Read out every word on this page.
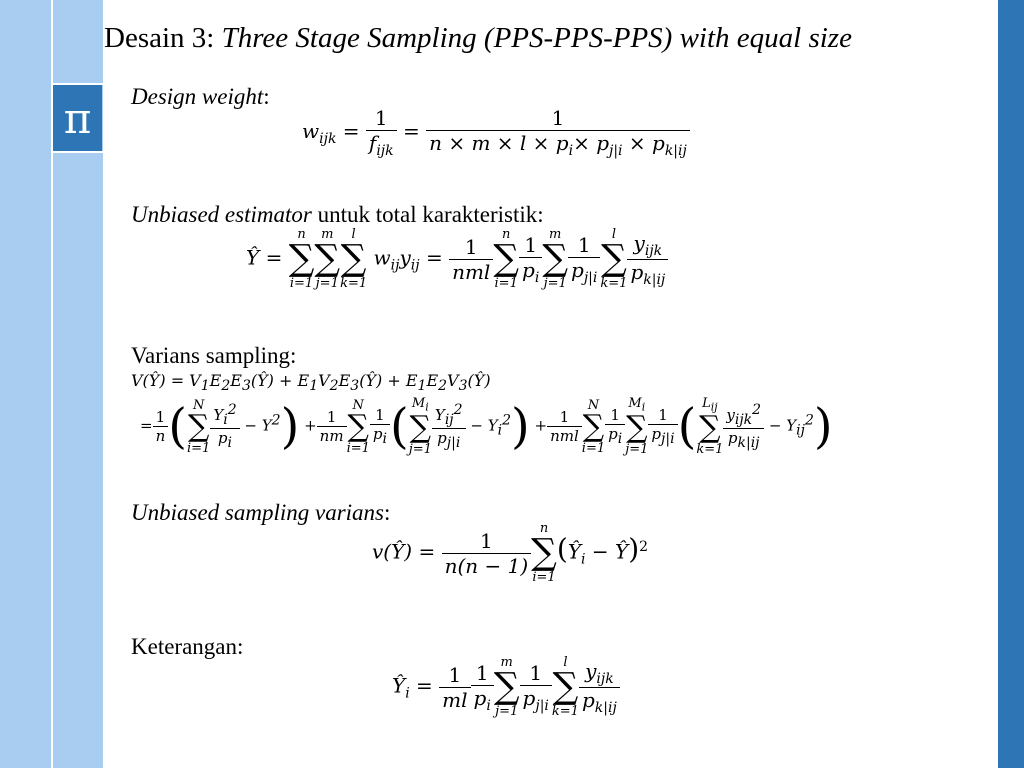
π
Desain 3: Three Stage Sampling (PPS-PPS-PPS) with equal size
Design weight:
$w_{ijk} = \frac{1}{f_{ijk}} = \frac{1}{n \times m \times l \times p_i\times p_{j|i} \times p_{k|ij}}$
Unbiased estimator untuk total karakteristik:
Ŷ =
n
∑
i=1
m
∑
j=1
l
∑
k=1
$w_{ij}y_{ij} = \frac{1}{\text{nml}}$ n
∑
$i=1 \frac{1}{p_i}$ m
∑
$j=1 \frac{1}{p_{j|i}}$ l
∑
$k=1 \frac{y_{ijk}}{p_{k|ij}}$
Varians sampling:
V(Ŷ) = $V_1E_2E_3(Ŷ)$ + $E_1V_2E_3(Ŷ)$ + $E_1E_2V_3(Ŷ)$
= $\frac{1}{n}$ ( N
∑
$i=1 \frac{Y_i^2}{p_i} - Y^2) + \frac{1}{nm}$
N
∑
i=1
$\frac{1}{p_i}$ ( $M_i$
∑
$j=1 \frac{Y_{ij}^2}{p_{j|i}} - Y_i^2) + \frac{1}{\text{nml}}$
N
∑
i=1
$\frac{1}{p_i}$
$M_i$
∑
j=1
$\frac{1}{p_{j|i}}$ ( $L_{ij}$
∑
$k=1 \frac{y_{ijk}^2}{p_{k|ij}} - Y_{ij}^2$)
Unbiased sampling varians:
v(Ŷ) = $\frac{1}{n(n - 1)}$ n
∑
i=1
($Ŷ_i$ − Ŷ)$^2$
Keterangan:
$Ŷ_i = \frac{1}{ml} \frac{1}{p_i}$ m
∑
$j=1 \frac{1}{p_{j|i}}$ l
∑
$k=1 \frac{y_{ijk}}{p_{k|ij}}$
